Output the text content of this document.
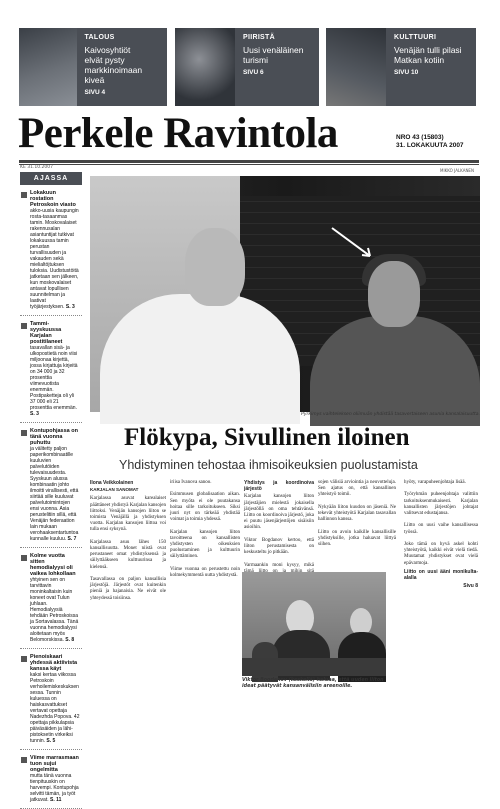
TALOUS
Kaivosyhtiöt
elvät pysty
markkinoimaan kiveä
SIVU 4
PIIRISTÄ
Uusi venäläinen
turismi
SIVU 6
KULTTUURI
Venäjän tulli pilasi
Matkan kotiin
SIVU 10
Perkele Ravintola	NRO 43 (15803)
31. LOKAKUUTA 2007
KE 31.10.2007
MIKKO JALKANEN
AJASSA
Lokakuun rostation Petroskoin viasto
akko-uusia kaupungin rosta-tasaanmas tamin. Moskovalaiset rakennusalan asiantuntijat tutkivat lokakuussa tamin perustan turvallisuuden ja vakauden sekä mielialtöjtuksen tuloksia. Uudistustöitä jatketaan sen jälkeen, kun moskovalaiset antavat lopullisen suunnitelman ja laativat työjärjestyksen. S. 3
Tammi-syyskuussa Karjalan postitilaneet
tasavallan sisä- ja ulkopostietä noin viisi miljoonaa kirjettä, jossa kirjattuja kirjeitä on 34 000 ja 32 prosenttia viimevuotista enemmän. Postipaketteja oli yli 37 000 eli 21 prosenttia enemmän. S. 3
Kontupohjassa on tänä vuonna puhuttu
ja välitetty paljon paperikombinaatille kuuluvien palvelutöiden tulevaisuudesta. Syyskuun alussa kombinaatin johto ilmoitti virallisesti, että siirtää sille kuuluvat palvelutoimintojen ensi vuonna. Asia perustelitiin sillä, että Venäjän federaation lain mukaan verohaaksentartuntoa kunnalle kuuluu. S. 7
Kolme vuotta sitten hemodialyysi oli vaikea lohkollaan
yhtyinen sen on tarvittavin moninkaltaisin kuin koneet ovat Tulun juhlaan. Hemodialyysiä tehdään Petroskoissa ja Sortavalassa. Tänä vuonna hemodialyysi aloitetaan myös Belomorskissa. S. 8
Pienoiskaari yhdessä aktiivista kanssa käyt
kaksi kertaa viikossa Petroskoin verhoilemiskeskuksen sessa. Tunnin kuluessa on haiskasvattukset vertavat opettaja Nadezhda Popova. 42 opettaja pikkulapsia päiväsäiden ja lähi-pistoksetin virkeiksi tunnin. S. 5
Viime marrasmaan tuon sujui ongelmitta
mutta tänä vuonna tienpituuskin on harvempi. Kontupohja selvitti tämän, ja työt jatkuvat. S. 11
Pyrkimys vaihteleksen oliimuän yhdistää tasavertaiseen asunia kansalaisuutta.
Flökypa, Sivullinen iloinen
Yhdistyminen tehostaa ihmisoikeuksien puolustamista

Ilona Veikkolainen
KARJALAN SANOMAT

Karjalassa asuvat karealaiset päättäneet yhdistyä Karjalan kansojen liittoksi. Venäjän kansojen liiton se toimista Venäjällä ja yhdistyksen vuotta. Karjalan kansojen liittoa voi tulla ensi syksynä.

Karjalassa asuu lähes 150 kansallisuutta. Monet niistä ovat perustaneet omat yhdistyksensä ja säilyttääkseen kulttuurinsa ja kielensä.

Tasavallassa on paljon kansallisia järjestöjä. Järjestöt ovat kuitenkin pieniä ja hajanaisia. Ne eivät ole yhteydessä toisiinsa.

iriisa Ivanova sanoo.

Esimmusen globalisaation aikan. Sen myöta ei ole puutakansa hoitaa sille tarkoitukseen. Siksi juuri nyt on tärkeää yhdistää voimat ja toimia yhdessä.

Karjalan kansojen liiton tavoitteena on kansallisten yhdistysten oikeuksien puolustaminen ja kulttuurin säilyttäminen.

Viime vuonna on perustettu noin kolmekymmentä uutta yhdistystä.

Yhdistys ja koordinoiva järjestö

Karjalan kansojen liiton järjestäjien mielestä jokaisella järjestöllä on oma tehtävänsä. Liitto on koordinoiva järjestö, joka ei puutu jäsenjärjestöjen sisäisiin asioihin.

Viktor Bogdanov kertoo, että liiton perustamisesta on keskusteltu jo pitkään.

Varmaankin moni kysyy, mikä

sojen välisiä arviointia ja neuvotteluja. Sen ajatus on, että kansallinen yhteistyö toimii.

Nykyään liiton kuudon on jäseniä. Ne tekevät yhteistyötä Karjalan tasavallan hallinnon kanssa.

Liitto on avoin kaikille kansallisille yhdistyksille, jotka haluavat liittyä siihen.

hyöty, varapuheenjohtaja lisää.

Työryhmän puheenjohtaja valittiin tarkoituksenmukaisesti. Karjalan kansallisten järjestöjen johtajat valitsevat edustajansa.

Liitto on uusi vaihe kansallisessa työssä.

Joko tämä on hyvä askel kohti yhteistyötä, kaikki eivät vielä tiedä. Muutamat yhdistykset ovat vielä epävarmoja.

Liitto on uusi ääni monikulta-alalla

Sivu 8

Viktor Bogdanov (keskellä) haluaa, että uuden liiton ideat päätyvät kansanvälisiin areenoille.
